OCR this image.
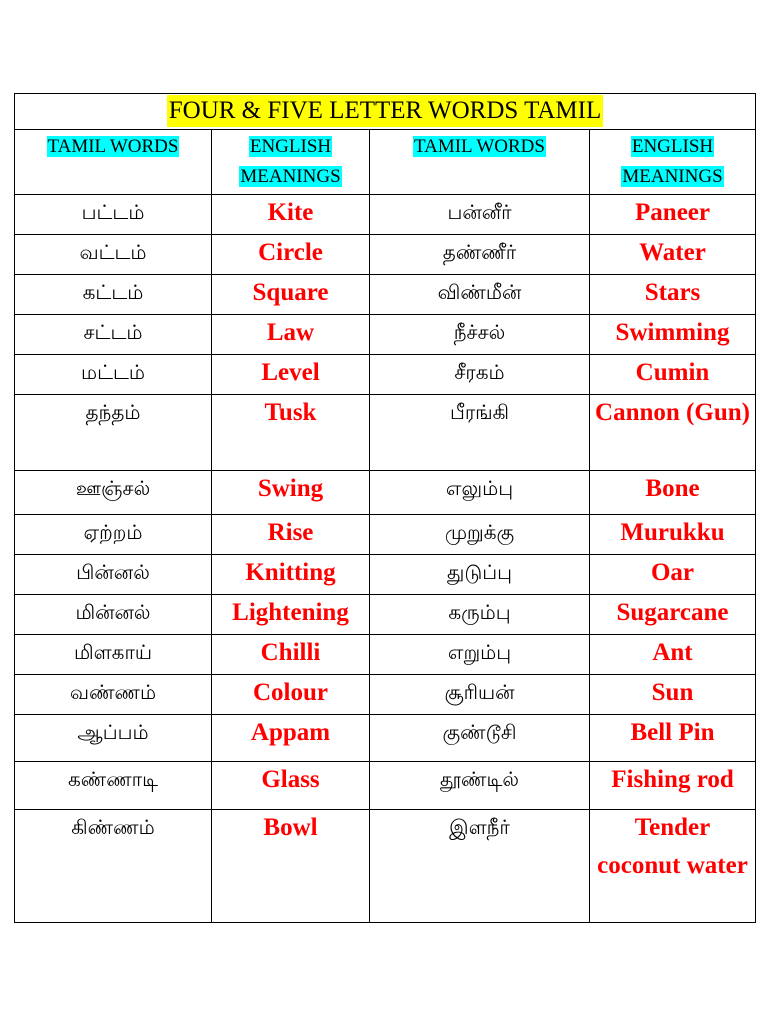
FOUR & FIVE LETTER WORDS TAMIL			
TAMIL WORDS	ENGLISH MEANINGS	TAMIL WORDS	ENGLISH MEANINGS

பட்டம்	Kite	பன்னீர்	Paneer

வட்டம்	Circle	தண்ணீர்	Water

கட்டம்	Square	விண்மீன்	Stars

சட்டம்	Law	நீச்சல்	Swimming

மட்டம்	Level	சீரகம்	Cumin

தந்தம்	Tusk	பீரங்கி	Cannon (Gun)

ஊஞ்சல்	Swing	எலும்பு	Bone

ஏற்றம்	Rise	முறுக்கு	Murukku

பின்னல்	Knitting	துடுப்பு	Oar

மின்னல்	Lightening	கரும்பு	Sugarcane

மிளகாய்	Chilli	எறும்பு	Ant

வண்ணம்	Colour	சூரியன்	Sun

ஆப்பம்	Appam	குண்டூசி	Bell Pin

கண்ணாடி	Glass	தூண்டில்	Fishing rod

கிண்ணம்	Bowl	இளநீர்	Tender coconut water
